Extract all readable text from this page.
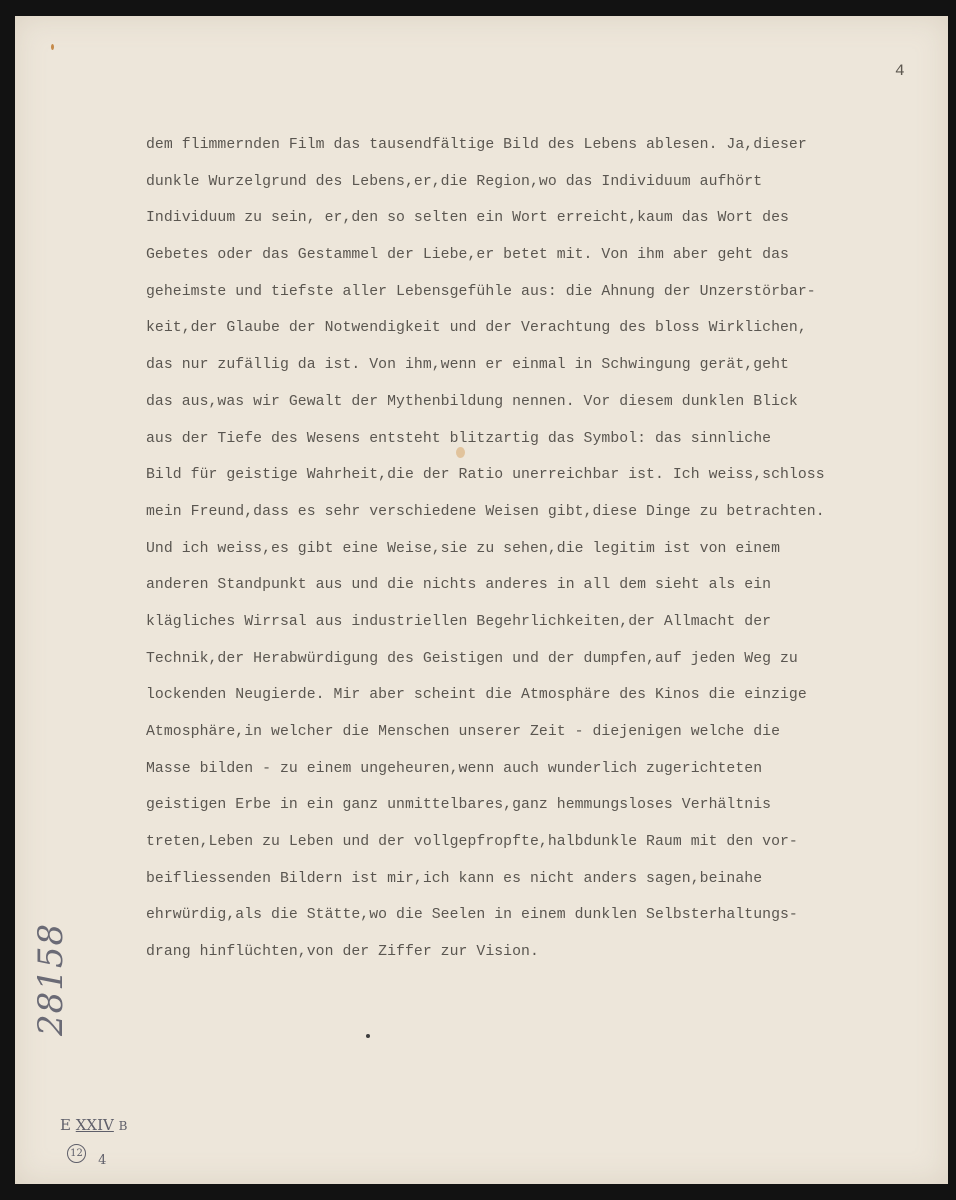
4
dem flimmernden Film das tausendfältige Bild des Lebens ablesen. Ja,dieser
dunkle Wurzelgrund des Lebens,er,die Region,wo das Individuum aufhört
Individuum zu sein, er,den so selten ein Wort erreicht,kaum das Wort des
Gebetes oder das Gestammel der Liebe,er betet mit. Von ihm aber geht das
geheimste und tiefste aller Lebensgefühle aus: die Ahnung der Unzerstörbar-
keit,der Glaube der Notwendigkeit und der Verachtung des bloss Wirklichen,
das nur zufällig da ist. Von ihm,wenn er einmal in Schwingung gerät,geht
das aus,was wir Gewalt der Mythenbildung nennen. Vor diesem dunklen Blick
aus der Tiefe des Wesens entsteht blitzartig das Symbol: das sinnliche
Bild für geistige Wahrheit,die der Ratio unerreichbar ist. Ich weiss,schloss
mein Freund,dass es sehr verschiedene Weisen gibt,diese Dinge zu betrachten.
Und ich weiss,es gibt eine Weise,sie zu sehen,die legitim ist von einem
anderen Standpunkt aus und die nichts anderes in all dem sieht als ein
klägliches Wirrsal aus industriellen Begehrlichkeiten,der Allmacht der
Technik,der Herabwürdigung des Geistigen und der dumpfen,auf jeden Weg zu
lockenden Neugierde. Mir aber scheint die Atmosphäre des Kinos die einzige
Atmosphäre,in welcher die Menschen unserer Zeit - diejenigen welche die
Masse bilden - zu einem ungeheuren,wenn auch wunderlich zugerichteten
geistigen Erbe in ein ganz unmittelbares,ganz hemmungsloses Verhältnis
treten,Leben zu Leben und der vollgepfropfte,halbdunkle Raum mit den vor-
beifliessenden Bildern ist mir,ich kann es nicht anders sagen,beinahe
ehrwürdig,als die Stätte,wo die Seelen in einem dunklen Selbsterhaltungs-
drang hinflüchten,von der Ziffer zur Vision.
28158
E XXIV B
12 4
